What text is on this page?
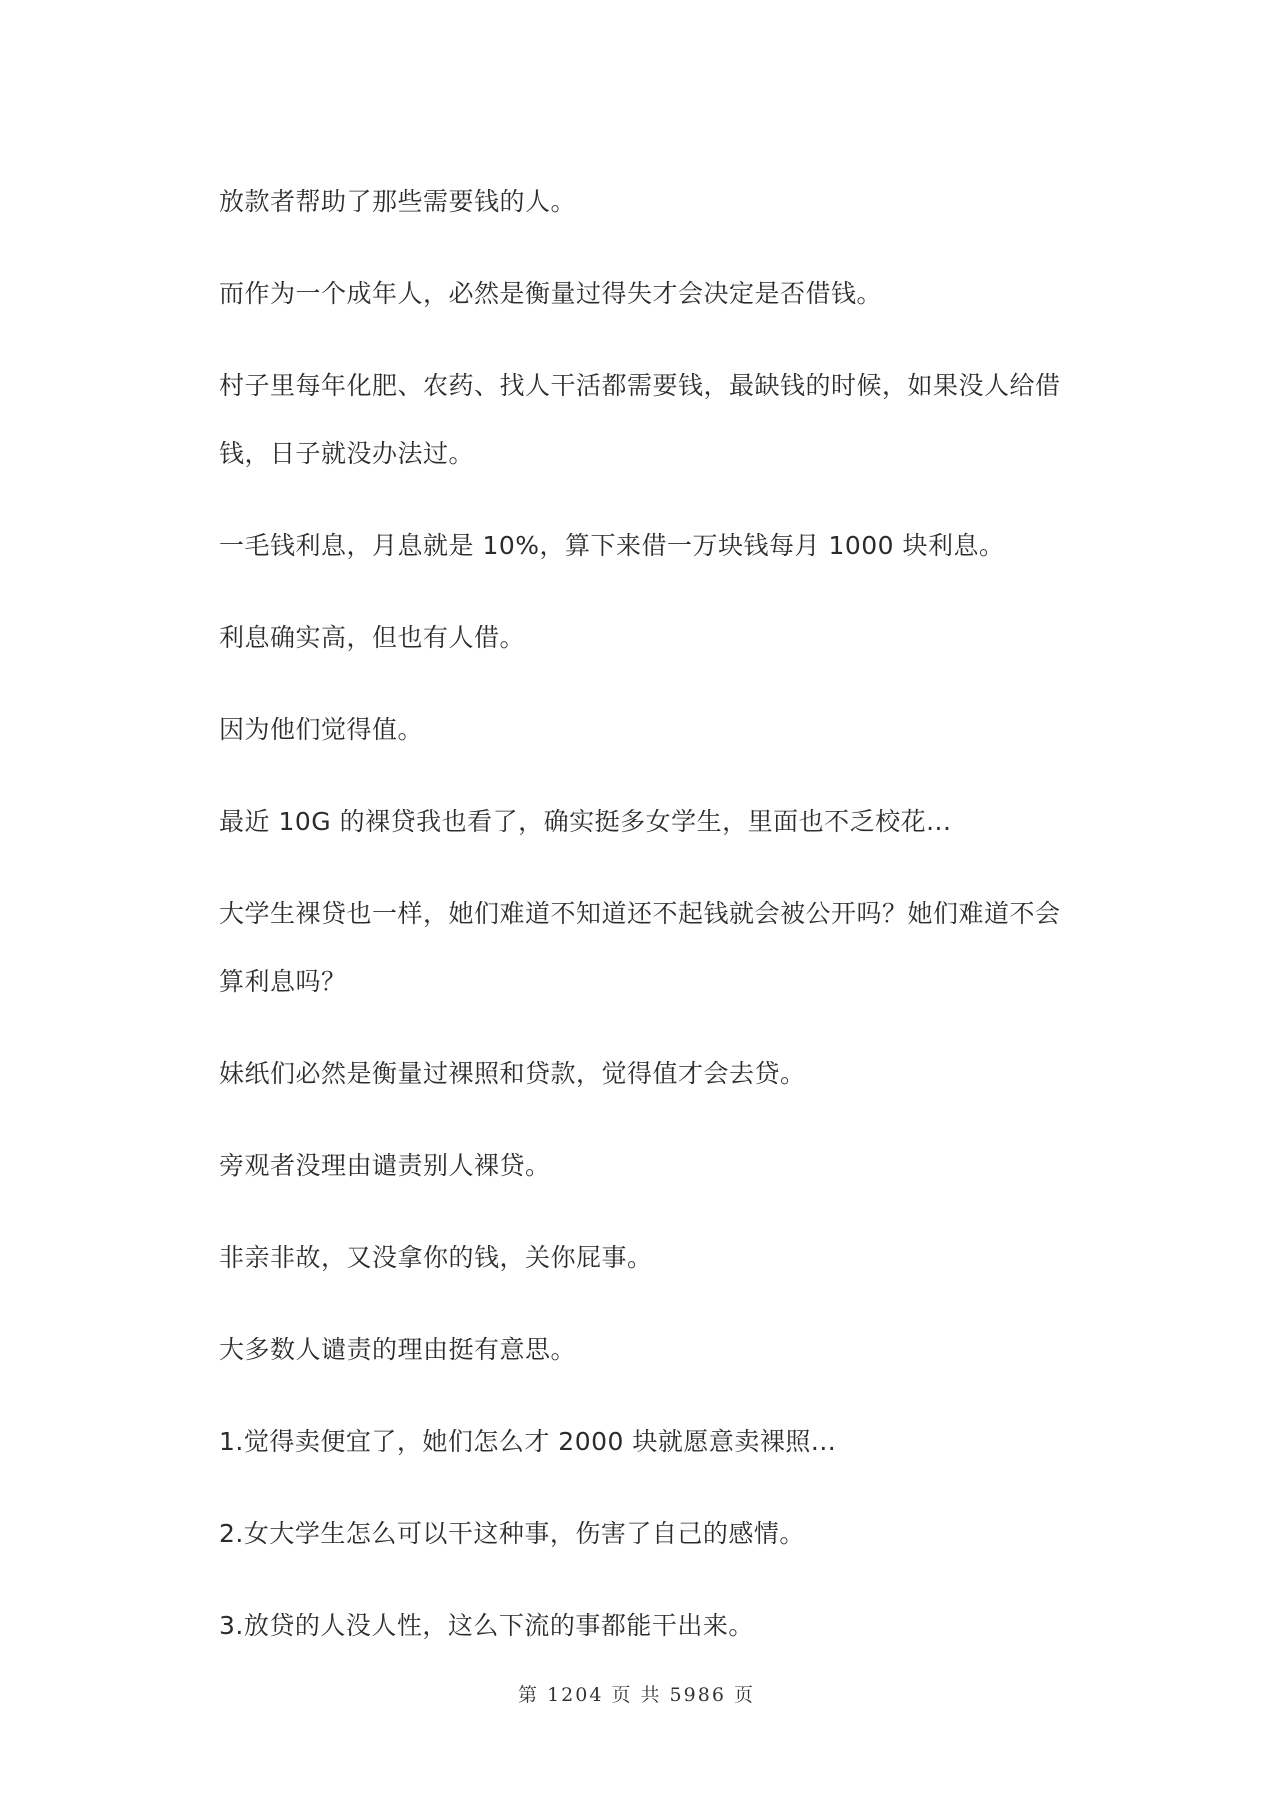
放款者帮助了那些需要钱的人。

而作为一个成年人，必然是衡量过得失才会决定是否借钱。

村子里每年化肥、农药、找人干活都需要钱，最缺钱的时候，如果没人给借钱，日子就没办法过。

一毛钱利息，月息就是 10%，算下来借一万块钱每月 1000 块利息。

利息确实高，但也有人借。

因为他们觉得值。

最近 10G 的裸贷我也看了，确实挺多女学生，里面也不乏校花...

大学生裸贷也一样，她们难道不知道还不起钱就会被公开吗？她们难道不会算利息吗？

妹纸们必然是衡量过裸照和贷款，觉得值才会去贷。

旁观者没理由谴责别人裸贷。

非亲非故，又没拿你的钱，关你屁事。

大多数人谴责的理由挺有意思。

1.觉得卖便宜了，她们怎么才 2000 块就愿意卖裸照...

2.女大学生怎么可以干这种事，伤害了自己的感情。

3.放贷的人没人性，这么下流的事都能干出来。

第 1204 页 共 5986 页
